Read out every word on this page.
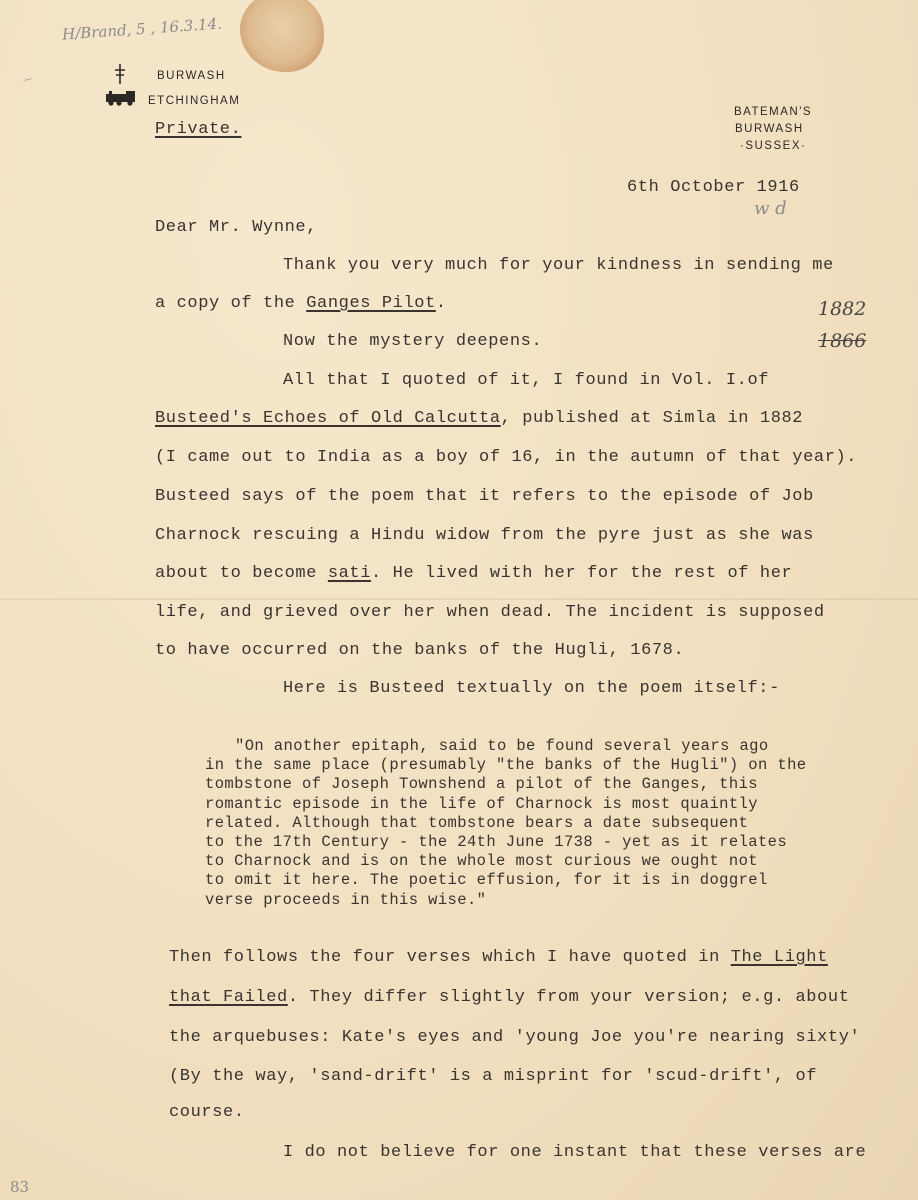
H/Brand, 5 , 16.3.14.
~	BURWASH
ETCHINGHAM
BATEMAN'S
BURWASH
·SUSSEX·
Private.
6th October 1916
w d
Dear Mr. Wynne,
1882
1866
Thank you very much for your kindness in sending me
a copy of the Ganges Pilot.
Now the mystery deepens.
All that I quoted of it, I found in Vol. I.of
Busteed's Echoes of Old Calcutta, published at Simla in 1882
(I came out to India as a boy of 16, in the autumn of that year).
Busteed says of the poem that it refers to the episode of Job
Charnock rescuing a Hindu widow from the pyre just as she was
about to become sati. He lived with her for the rest of her
life, and grieved over her when dead. The incident is supposed
to have occurred on the banks of the Hugli, 1678.
Here is Busteed textually on the poem itself:-
"On another epitaph, said to be found several years ago
in the same place (presumably "the banks of the Hugli") on the
tombstone of Joseph Townshend a pilot of the Ganges, this
romantic episode in the life of Charnock is most quaintly
related. Although that tombstone bears a date subsequent
to the 17th Century - the 24th June 1738 - yet as it relates
to Charnock and is on the whole most curious we ought not
to omit it here. The poetic effusion, for it is in doggrel
verse proceeds in this wise."
Then follows the four verses which I have quoted in The Light
that Failed. They differ slightly from your version; e.g. about
the arquebuses: Kate's eyes and 'young Joe you're nearing sixty'
(By the way, 'sand-drift' is a misprint for 'scud-drift', of
course.
I do not believe for one instant that these verses are
83
